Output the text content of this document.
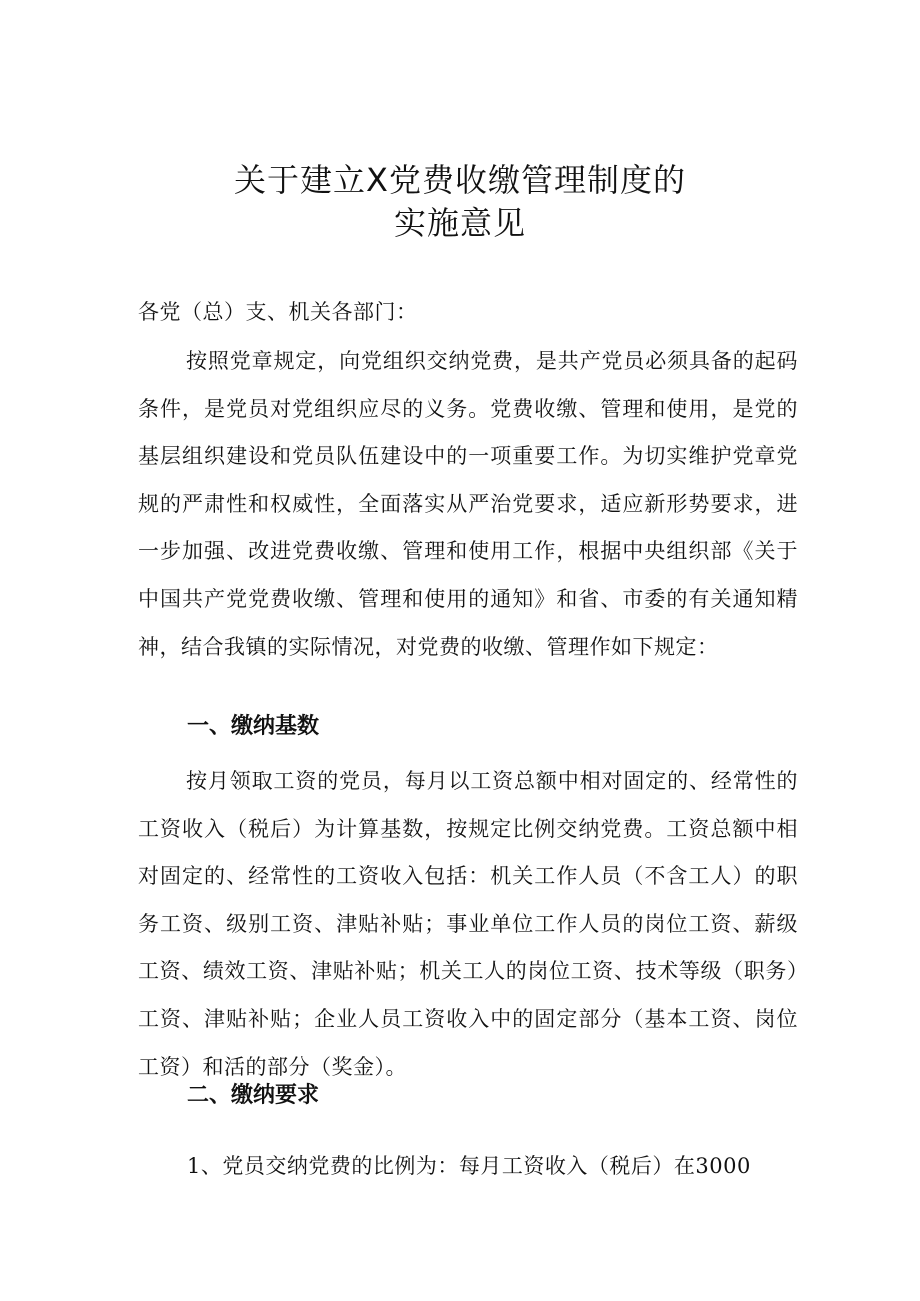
关于建立X党费收缴管理制度的
实施意见
各党（总）支、机关各部门：
按照党章规定，向党组织交纳党费，是共产党员必须具备的起码条件，是党员对党组织应尽的义务。党费收缴、管理和使用，是党的基层组织建设和党员队伍建设中的一项重要工作。为切实维护党章党规的严肃性和权威性，全面落实从严治党要求，适应新形势要求，进一步加强、改进党费收缴、管理和使用工作，根据中央组织部《关于中国共产党党费收缴、管理和使用的通知》和省、市委的有关通知精神，结合我镇的实际情况，对党费的收缴、管理作如下规定：
一、缴纳基数
按月领取工资的党员，每月以工资总额中相对固定的、经常性的工资收入（税后）为计算基数，按规定比例交纳党费。工资总额中相对固定的、经常性的工资收入包括：机关工作人员（不含工人）的职务工资、级别工资、津贴补贴；事业单位工作人员的岗位工资、薪级工资、绩效工资、津贴补贴；机关工人的岗位工资、技术等级（职务）工资、津贴补贴；企业人员工资收入中的固定部分（基本工资、岗位工资）和活的部分（奖金）。
二、缴纳要求
1、党员交纳党费的比例为：每月工资收入（税后）在3000
